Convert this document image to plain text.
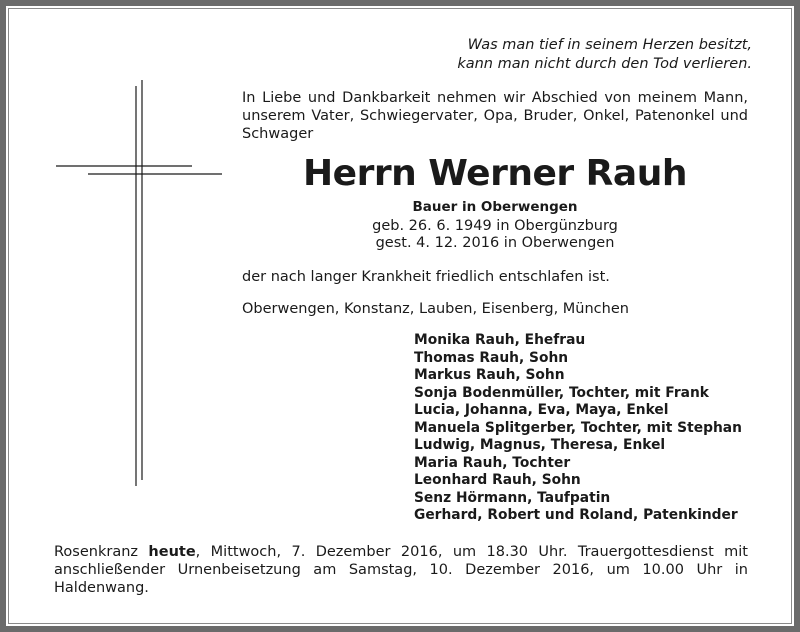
Was man tief in seinem Herzen besitzt,
kann man nicht durch den Tod verlieren.
In Liebe und Dankbarkeit nehmen wir Abschied von meinem Mann, unserem Vater, Schwiegervater, Opa, Bruder, Onkel, Patenonkel und Schwager
Herrn Werner Rauh
Bauer in Oberwengen
geb. 26. 6. 1949 in Obergünzburg
gest. 4. 12. 2016 in Oberwengen
der nach langer Krankheit friedlich entschlafen ist.
Oberwengen, Konstanz, Lauben, Eisenberg, München
Monika Rauh, Ehefrau
Thomas Rauh, Sohn
Markus Rauh, Sohn
Sonja Bodenmüller, Tochter, mit Frank
Lucia, Johanna, Eva, Maya, Enkel
Manuela Splitgerber, Tochter, mit Stephan
Ludwig, Magnus, Theresa, Enkel
Maria Rauh, Tochter
Leonhard Rauh, Sohn
Senz Hörmann, Taufpatin
Gerhard, Robert und Roland, Patenkinder
Rosenkranz heute, Mittwoch, 7. Dezember 2016, um 18.30 Uhr. Trauergottesdienst mit anschließender Urnenbeisetzung am Samstag, 10. Dezember 2016, um 10.00 Uhr in Haldenwang.
